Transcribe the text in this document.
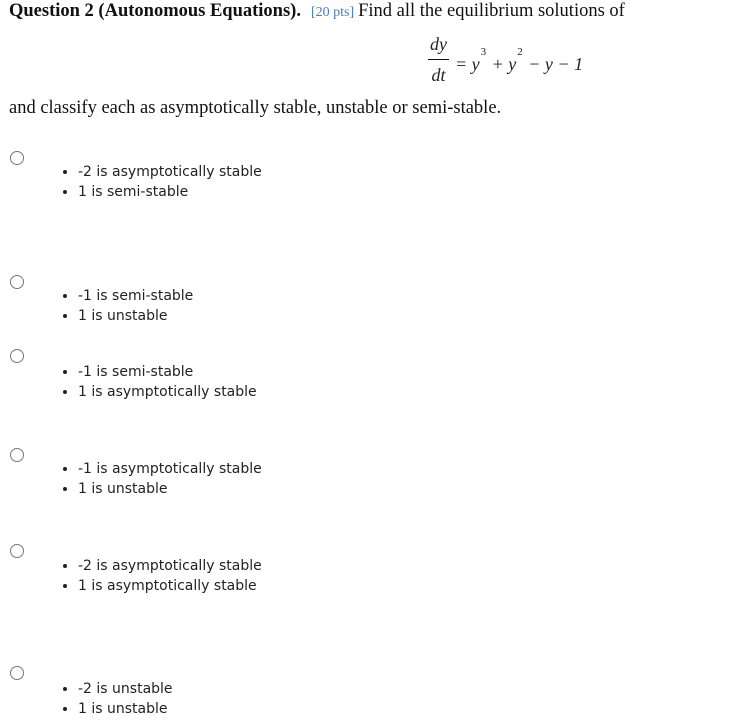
Question 2 (Autonomous Equations). [20 pts] Find all the equilibrium solutions of
$\frac{dy}{dt} = y$
3
+ y
2
− y − 1
and classify each as asymptotically stable, unstable or semi-stable.
• -2 is asymptotically stable
• 1 is semi-stable
• -1 is semi-stable
• 1 is unstable
• -1 is semi-stable
• 1 is asymptotically stable
• -1 is asymptotically stable
• 1 is unstable
• -2 is asymptotically stable
• 1 is asymptotically stable
• -2 is unstable
• 1 is unstable
